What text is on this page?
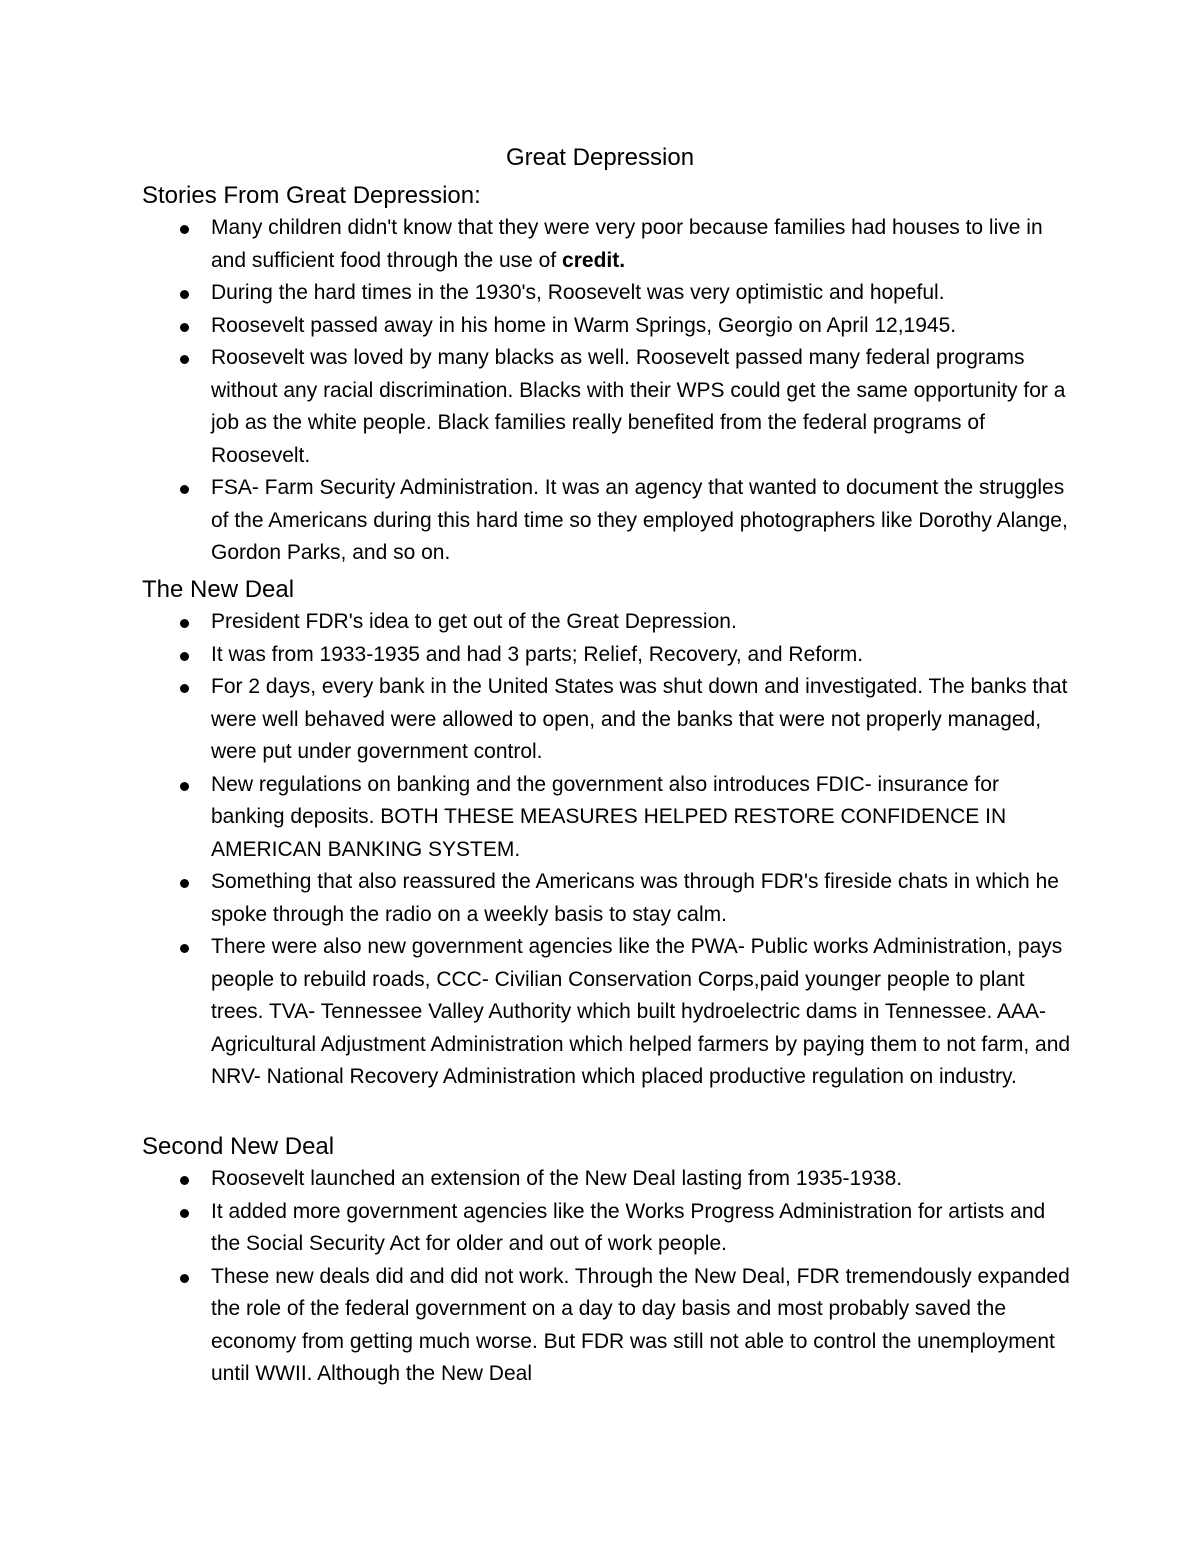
Great Depression
Stories From Great Depression:
Many children didn't know that they were very poor because families had houses to live in and sufficient food through the use of credit.
During the hard times in the 1930's, Roosevelt was very optimistic and hopeful.
Roosevelt passed away in his home in Warm Springs, Georgio on April 12,1945.
Roosevelt was loved by many blacks as well. Roosevelt passed many federal programs without any racial discrimination. Blacks with their WPS could get the same opportunity for a job as the white people. Black families really benefited from the federal programs of Roosevelt.
FSA- Farm Security Administration. It was an agency that wanted to document the struggles of the Americans during this hard time so they employed photographers like Dorothy Alange, Gordon Parks, and so on.
The New Deal
President FDR's idea to get out of the Great Depression.
It was from 1933-1935 and had 3 parts; Relief, Recovery, and Reform.
For 2 days, every bank in the United States was shut down and investigated. The banks that were well behaved were allowed to open, and the banks that were not properly managed, were put under government control.
New regulations on banking and the government also introduces FDIC- insurance for banking deposits. BOTH THESE MEASURES HELPED RESTORE CONFIDENCE IN AMERICAN BANKING SYSTEM.
Something that also reassured the Americans was through FDR's fireside chats in which he spoke through the radio on a weekly basis to stay calm.
There were also new government agencies like the PWA- Public works Administration, pays people to rebuild roads, CCC- Civilian Conservation Corps,paid younger people to plant trees. TVA- Tennessee Valley Authority which built hydroelectric dams in Tennessee. AAA- Agricultural Adjustment Administration which helped farmers by paying them to not farm, and NRV- National Recovery Administration which placed productive regulation on industry.
Second New Deal
Roosevelt launched an extension of the New Deal lasting from 1935-1938.
It added more government agencies like the Works Progress Administration for artists and the Social Security Act for older and out of work people.
These new deals did and did not work. Through the New Deal, FDR tremendously expanded the role of the federal government on a day to day basis and most probably saved the economy from getting much worse. But FDR was still not able to control the unemployment until WWII. Although the New Deal
